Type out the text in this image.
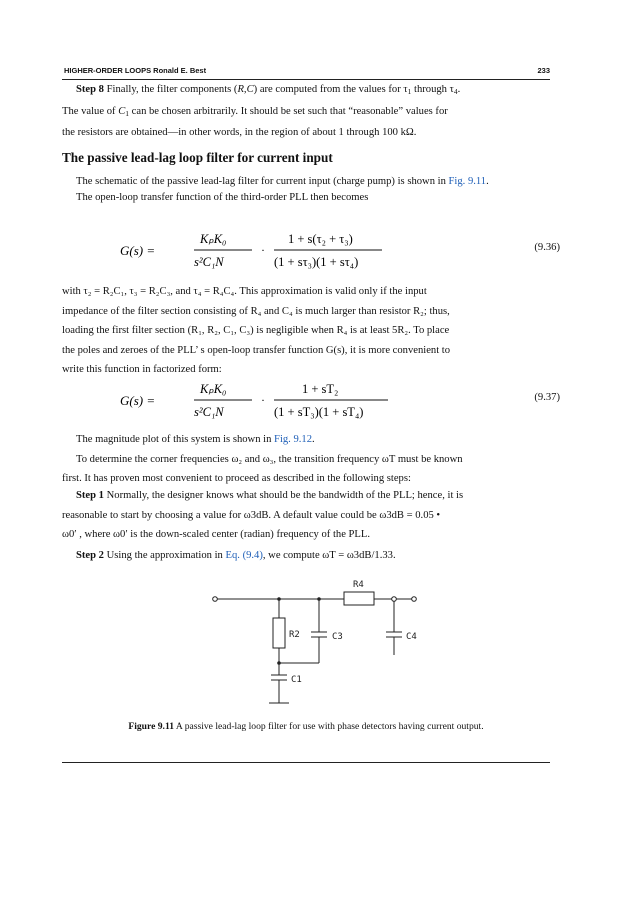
HIGHER-ORDER LOOPS Ronald E. Best	233

Step 8 Finally, the filter components (R,C) are computed from the values for $\tau_1$ through $\tau_4$.

The value of $C_1$ can be chosen arbitrarily. It should be set such that “reasonable” values for

the resistors are obtained—in other words, in the region of about 1 through 100 kΩ.

The passive lead-lag loop filter for current input

The schematic of the passive lead-lag filter for current input (charge pump) is shown in Fig. 9.11.

The open-loop transfer function of the third-order PLL then becomes

G(s) =
KₚK₀
s²C₁N
·
1 + s(τ₂ + τ₃)
(1 + sτ₃)(1 + sτ₄)
(9.36)

with τ₂ = R₂C₁, τ₃ = R₂C₃, and τ₄ = R₄C₄. This approximation is valid only if the input

impedance of the filter section consisting of R₄ and C₄ is much larger than resistor R₂; thus,

loading the first filter section (R₁, R₂, C₁, C₃) is negligible when R₄ is at least 5R₂. To place

the poles and zeroes of the PLL’ s open-loop transfer function G(s), it is more convenient to

write this function in factorized form:

G(s) =
KₚK₀
s²C₁N
·
1 + sT₂
(1 + sT₃)(1 + sT₄)
(9.37)

The magnitude plot of this system is shown in Fig. 9.12.

To determine the corner frequencies ω₂ and ω₃, the transition frequency ωT must be known

first. It has proven most convenient to proceed as described in the following steps:

Step 1 Normally, the designer knows what should be the bandwidth of the PLL; hence, it is

reasonable to start by choosing a value for ω3dB. A default value could be ω3dB = 0.05 •

ω0′ , where ω0′ is the down-scaled center (radian) frequency of the PLL.

Step 2 Using the approximation in Eq. (9.4), we compute ωT = ω3dB/1.33.

R4
R2	C3	C4
C1
Figure 9.11 A passive lead-lag loop filter for use with phase detectors having current output.
